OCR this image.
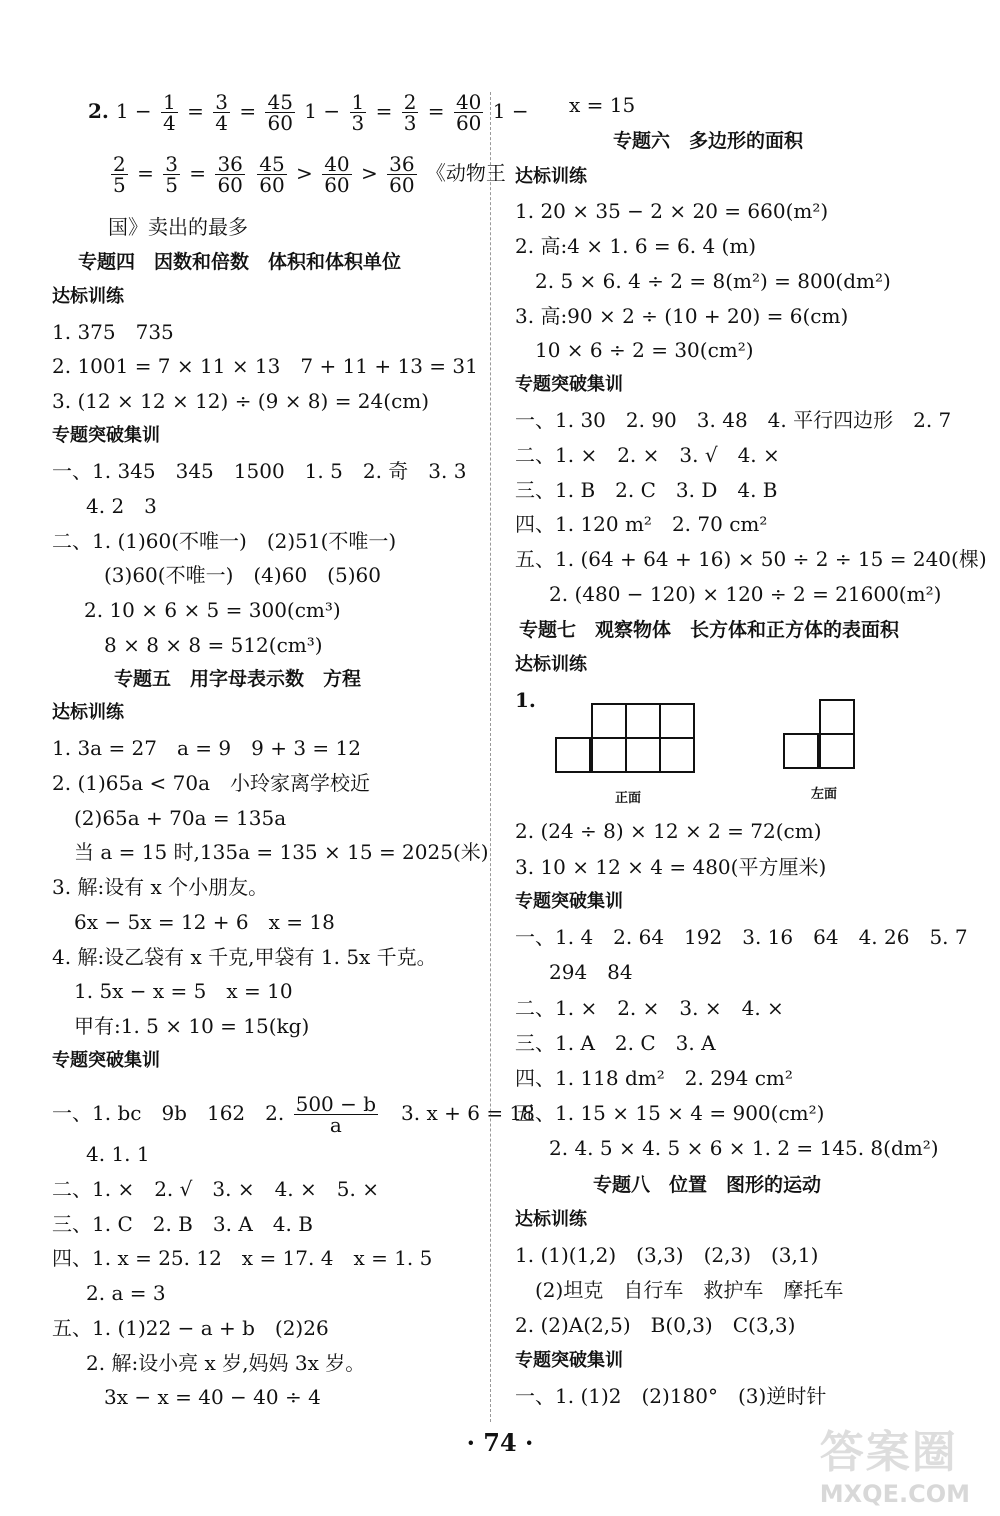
2. $1 - \frac{1}{4} = \frac{3}{4} = \frac{45}{60} 1 - \frac{1}{3} = \frac{2}{3} = \frac{40}{60} 1$ −
$\frac{2}{5} = \frac{3}{5} = \frac{36}{60}$
$\frac{45}{60} > \frac{40}{60} > \frac{36}{60}$ 《动物王
国》卖出的最多
专题四　因数和倍数　体积和体积单位
达标训练
1. 375　735
2. 1001 = 7 × 11 × 13　7 + 11 + 13 = 31
3. (12 × 12 × 12) ÷ (9 × 8) = 24(cm)
专题突破集训
一、1. 345　345　1500　1. 5　2. 奇　3. 3
4. 2　3
二、1. (1)60(不唯一)　(2)51(不唯一)
(3)60(不唯一)　(4)60　(5)60
2. 10 × 6 × 5 = 300(cm³)
8 × 8 × 8 = 512(cm³)
专题五　用字母表示数　方程
达标训练
1. 3a = 27　a = 9　9 + 3 = 12
2. (1)65a < 70a　小玲家离学校近
(2)65a + 70a = 135a
当 a = 15 时,135a = 135 × 15 = 2025(米)
3. 解:设有 x 个小朋友。
6x − 5x = 12 + 6　x = 18
4. 解:设乙袋有 x 千克,甲袋有 1. 5x 千克。
1. 5x − x = 5　x = 10
甲有:1. 5 × 10 = 15(kg)
专题突破集训
一、1. bc　9b　162　2. $\frac{500 - b}{a}$ 　3. x + 6 = 18
4. 1. 1
二、1. ×　2. √　3. ×　4. ×　5. ×
三、1. C　2. B　3. A　4. B
四、1. x = 25. 12　x = 17. 4　x = 1. 5
2. a = 3
五、1. (1)22 − a + b　(2)26
2. 解:设小亮 x 岁,妈妈 3x 岁。
3x − x = 40 − 40 ÷ 4
x = 15
专题六　多边形的面积
达标训练
1. 20 × 35 − 2 × 20 = 660(m²)
2. 高:4 × 1. 6 = 6. 4 (m)
2. 5 × 6. 4 ÷ 2 = 8(m²) = 800(dm²)
3. 高:90 × 2 ÷ (10 + 20) = 6(cm)
10 × 6 ÷ 2 = 30(cm²)
专题突破集训
一、1. 30　2. 90　3. 48　4. 平行四边形　2. 7
二、1. ×　2. ×　3. √　4. ×
三、1. B　2. C　3. D　4. B
四、1. 120 m²　2. 70 cm²
五、1. (64 + 64 + 16) × 50 ÷ 2 ÷ 15 = 240(棵)
2. (480 − 120) × 120 ÷ 2 = 21600(m²)
专题七　观察物体　长方体和正方体的表面积
达标训练
1.
正面	左面
2. (24 ÷ 8) × 12 × 2 = 72(cm)
3. 10 × 12 × 4 = 480(平方厘米)
专题突破集训
一、1. 4　2. 64　192　3. 16　64　4. 26　5. 7
294　84
二、1. ×　2. ×　3. ×　4. ×
三、1. A　2. C　3. A
四、1. 118 dm²　2. 294 cm²
五、1. 15 × 15 × 4 = 900(cm²)
2. 4. 5 × 4. 5 × 6 × 1. 2 = 145. 8(dm²)
专题八　位置　图形的运动
达标训练
1. (1)(1,2)　(3,3)　(2,3)　(3,1)
(2)坦克　自行车　救护车　摩托车
2. (2)A(2,5)　B(0,3)　C(3,3)
专题突破集训
一、1. (1)2　(2)180°　(3)逆时针
· 74 ·	答案圈
MXQE.COM
